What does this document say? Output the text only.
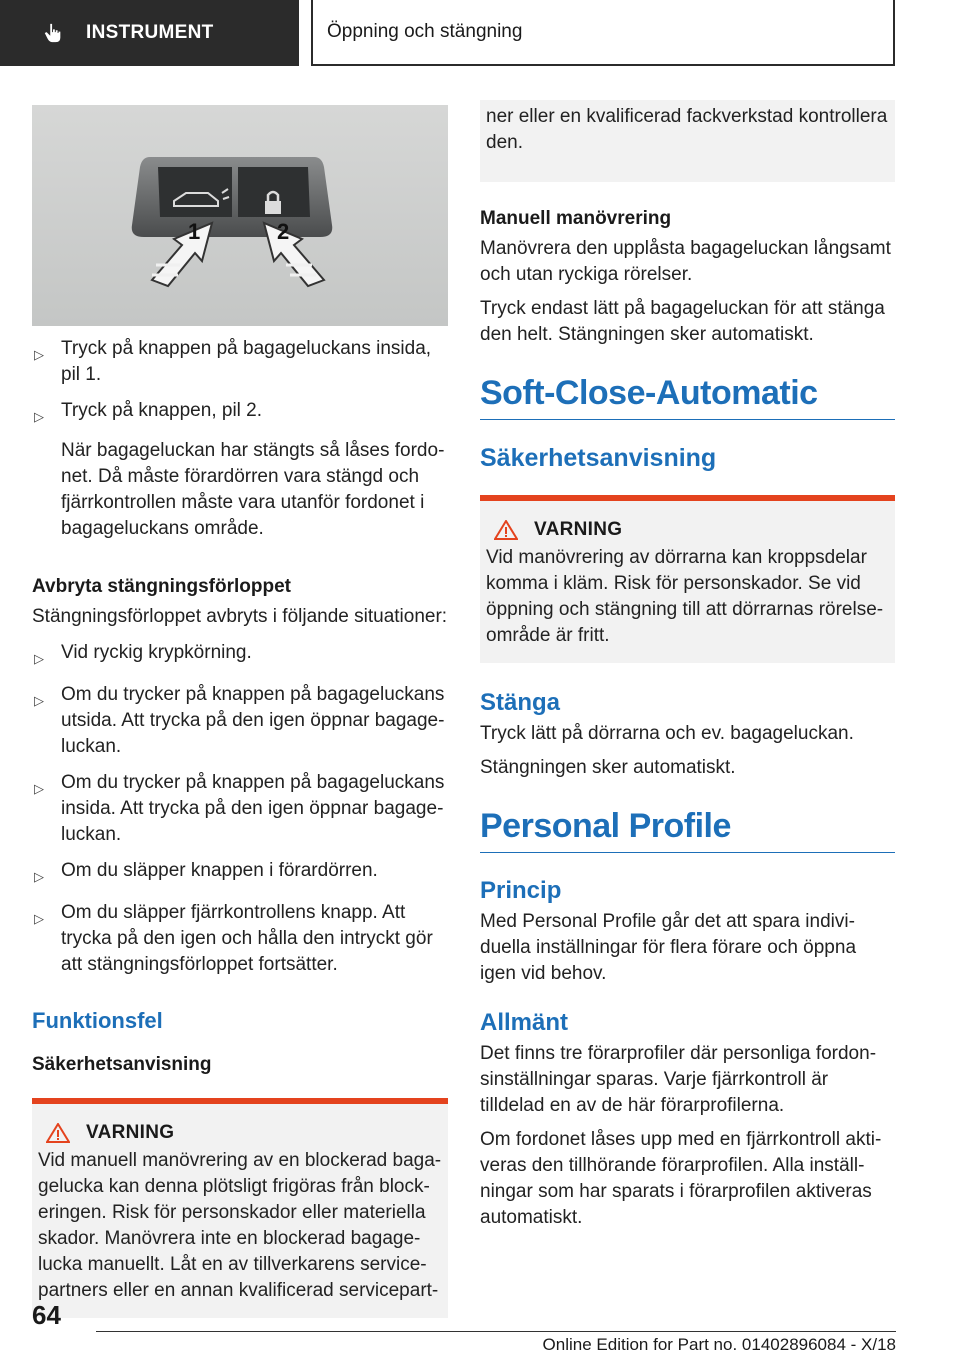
INSTRUMENT	Öppning och stängning
1	2
▷ Tryck på knappen på bagageluckans insida, pil 1.
▷ Tryck på knappen, pil 2.
När bagageluckan har stängts så låses fordonet. Då måste förardörren vara stängd och fjärrkontrollen måste vara utanför fordonet i bagageluckans område.
Avbryta stängningsförloppet
Stängningsförloppet avbryts i följande situationer:
▷ Vid ryckig krypkörning.
▷ Om du trycker på knappen på bagageluckans utsida. Att trycka på den igen öppnar bagageluckan.
▷ Om du trycker på knappen på bagageluckans insida. Att trycka på den igen öppnar bagageluckan.
▷ Om du släpper knappen i förardörren.
▷ Om du släpper fjärrkontrollens knapp. Att trycka på den igen och hålla den intryckt gör att stängningsförloppet fortsätter.
Funktionsfel
Säkerhetsanvisning
VARNING
Vid manuell manövrering av en blockerad bagagelucka kan denna plötsligt frigöras från blockeringen. Risk för personskador eller materiella skador. Manövrera inte en blockerad bagagelucka manuellt. Låt en av tillverkarens servicepartners eller en annan kvalificerad servicepart-
ner eller en kvalificerad fackverkstad kontrollera den.
Manuell manövrering
Manövrera den upplåsta bagageluckan långsamt och utan ryckiga rörelser.
Tryck endast lätt på bagageluckan för att stänga den helt. Stängningen sker automatiskt.
Soft-Close-Automatic
Säkerhetsanvisning
VARNING
Vid manövrering av dörrarna kan kroppsdelar komma i kläm. Risk för personskador. Se vid öppning och stängning till att dörrarnas rörelseområde är fritt.
Stänga
Tryck lätt på dörrarna och ev. bagageluckan.
Stängningen sker automatiskt.
Personal Profile
Princip
Med Personal Profile går det att spara individuella inställningar för flera förare och öppna igen vid behov.
Allmänt
Det finns tre förarprofiler där personliga fordonsinställningar sparas. Varje fjärrkontroll är tilldelad en av de här förarprofilerna.
Om fordonet låses upp med en fjärrkontroll aktiveras den tillhörande förarprofilen. Alla inställningar som har sparats i förarprofilen aktiveras automatiskt.
64
Online Edition for Part no. 01402896084 - X/18
